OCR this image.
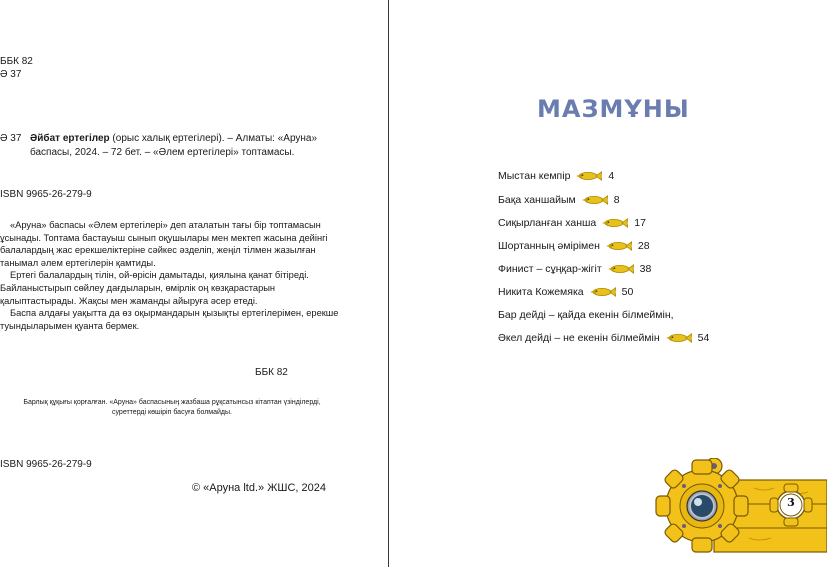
ББК 82
Ә 37
Ә 37 Әйбат ертегілер (орыс халық ертегілері). – Алматы: «Аруна»
баспасы, 2024. – 72 бет. – «Әлем ертегілері» топтамасы.
ISBN 9965-26-279-9

«Аруна» баспасы «Әлем ертегілері» деп аталатын тағы бір топтамасын ұсынады. Топтама бастауыш сынып оқушылары мен мектеп жасына дейінгі балалардың жас ерекшеліктеріне сәйкес әзделіп, жеңіл тілмен жазылған танымал әлем ертегілерін қамтиды.

Ертегі балалардың тілін, ой-өрісін дамытады, қиялына қанат бітіреді. Байланыстырып сөйлеу дағдыларын, өмірлік оң көзқарастарын қалыптастырады. Жақсы мен жаманды айыруға әсер етеді.

Баспа алдағы уақытта да өз оқырмандарын қызықты ертегілерімен, ерекше туындыларымен қуанта бермек.

ББК 82
Барлық құқығы қорғалған. «Аруна» баспасының жазбаша рұқсатынсыз кітаптан үзінділерді, суреттерді көшіріп басуға болмайды.
ISBN 9965-26-279-9
© «Аруна ltd.» ЖШС, 2024
МАЗМҰНЫ
Мыстан кемпір	4
Бақа ханшайым	8
Сиқырланған ханша	17
Шортанның әмірімен	28
Финист – сұңқар-жігіт	38
Никита Кожемяка	50
Бар дейді – қайда екенін білмеймін,
Әкел дейді – не екенін білмеймін	54
3
